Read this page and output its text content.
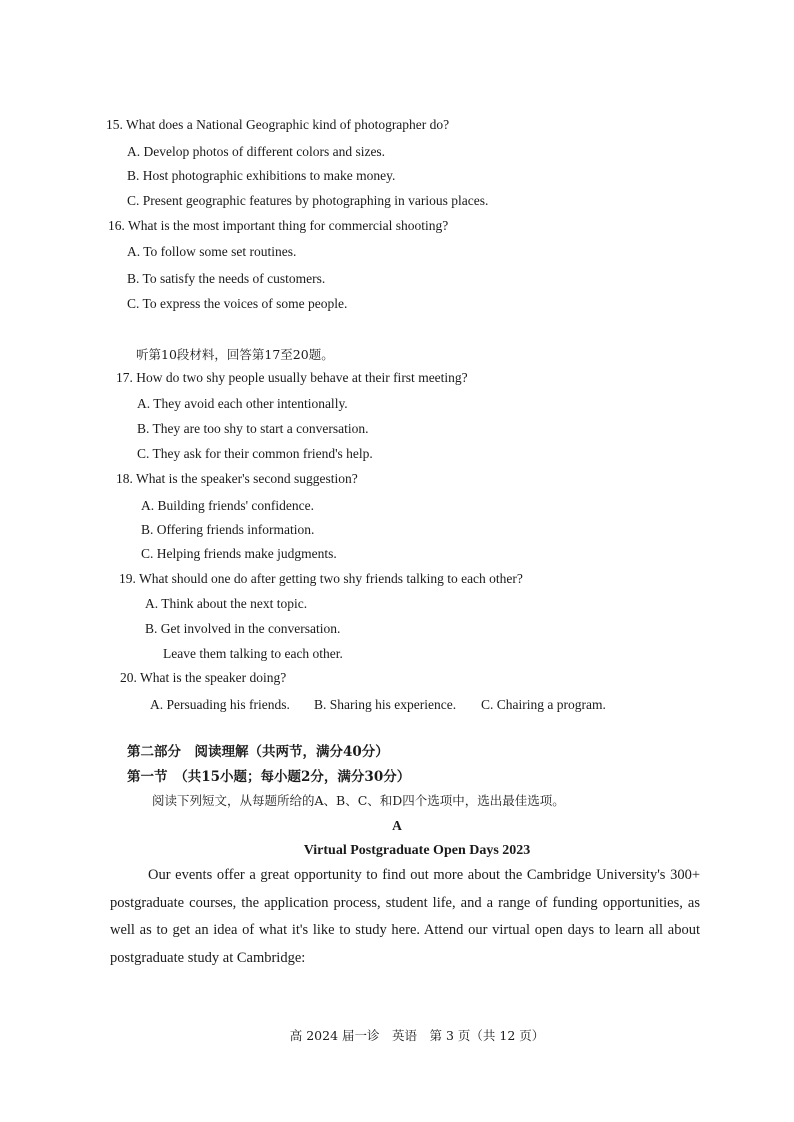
15. What does a National Geographic kind of photographer do?
A. Develop photos of different colors and sizes.
B. Host photographic exhibitions to make money.
C. Present geographic features by photographing in various places.
16. What is the most important thing for commercial shooting?
A. To follow some set routines.
B. To satisfy the needs of customers.
C. To express the voices of some people.
听第10段材料，回答第17至20题。
17. How do two shy people usually behave at their first meeting?
A. They avoid each other intentionally.
B. They are too shy to start a conversation.
C. They ask for their common friend's help.
18. What is the speaker's second suggestion?
A. Building friends' confidence.
B. Offering friends information.
C. Helping friends make judgments.
19. What should one do after getting two shy friends talking to each other?
A. Think about the next topic.
B. Get involved in the conversation.
Leave them talking to each other.
20. What is the speaker doing?
A. Persuading his friends. B. Sharing his experience. C. Chairing a program.
第二部分　阅读理解（共两节，满分40分）
第一节　（共15小题；每小题2分，满分30分）
阅读下列短文，从每题所给的A、B、C、和D四个选项中，选出最佳选项。
A
Virtual Postgraduate Open Days 2023
Our events offer a great opportunity to find out more about the Cambridge University's 300+ postgraduate courses, the application process, student life, and a range of funding opportunities, as well as to get an idea of what it's like to study here. Attend our virtual open days to learn all about postgraduate study at Cambridge:
高 2024 届一诊　英语　第 3 页（共 12 页）
